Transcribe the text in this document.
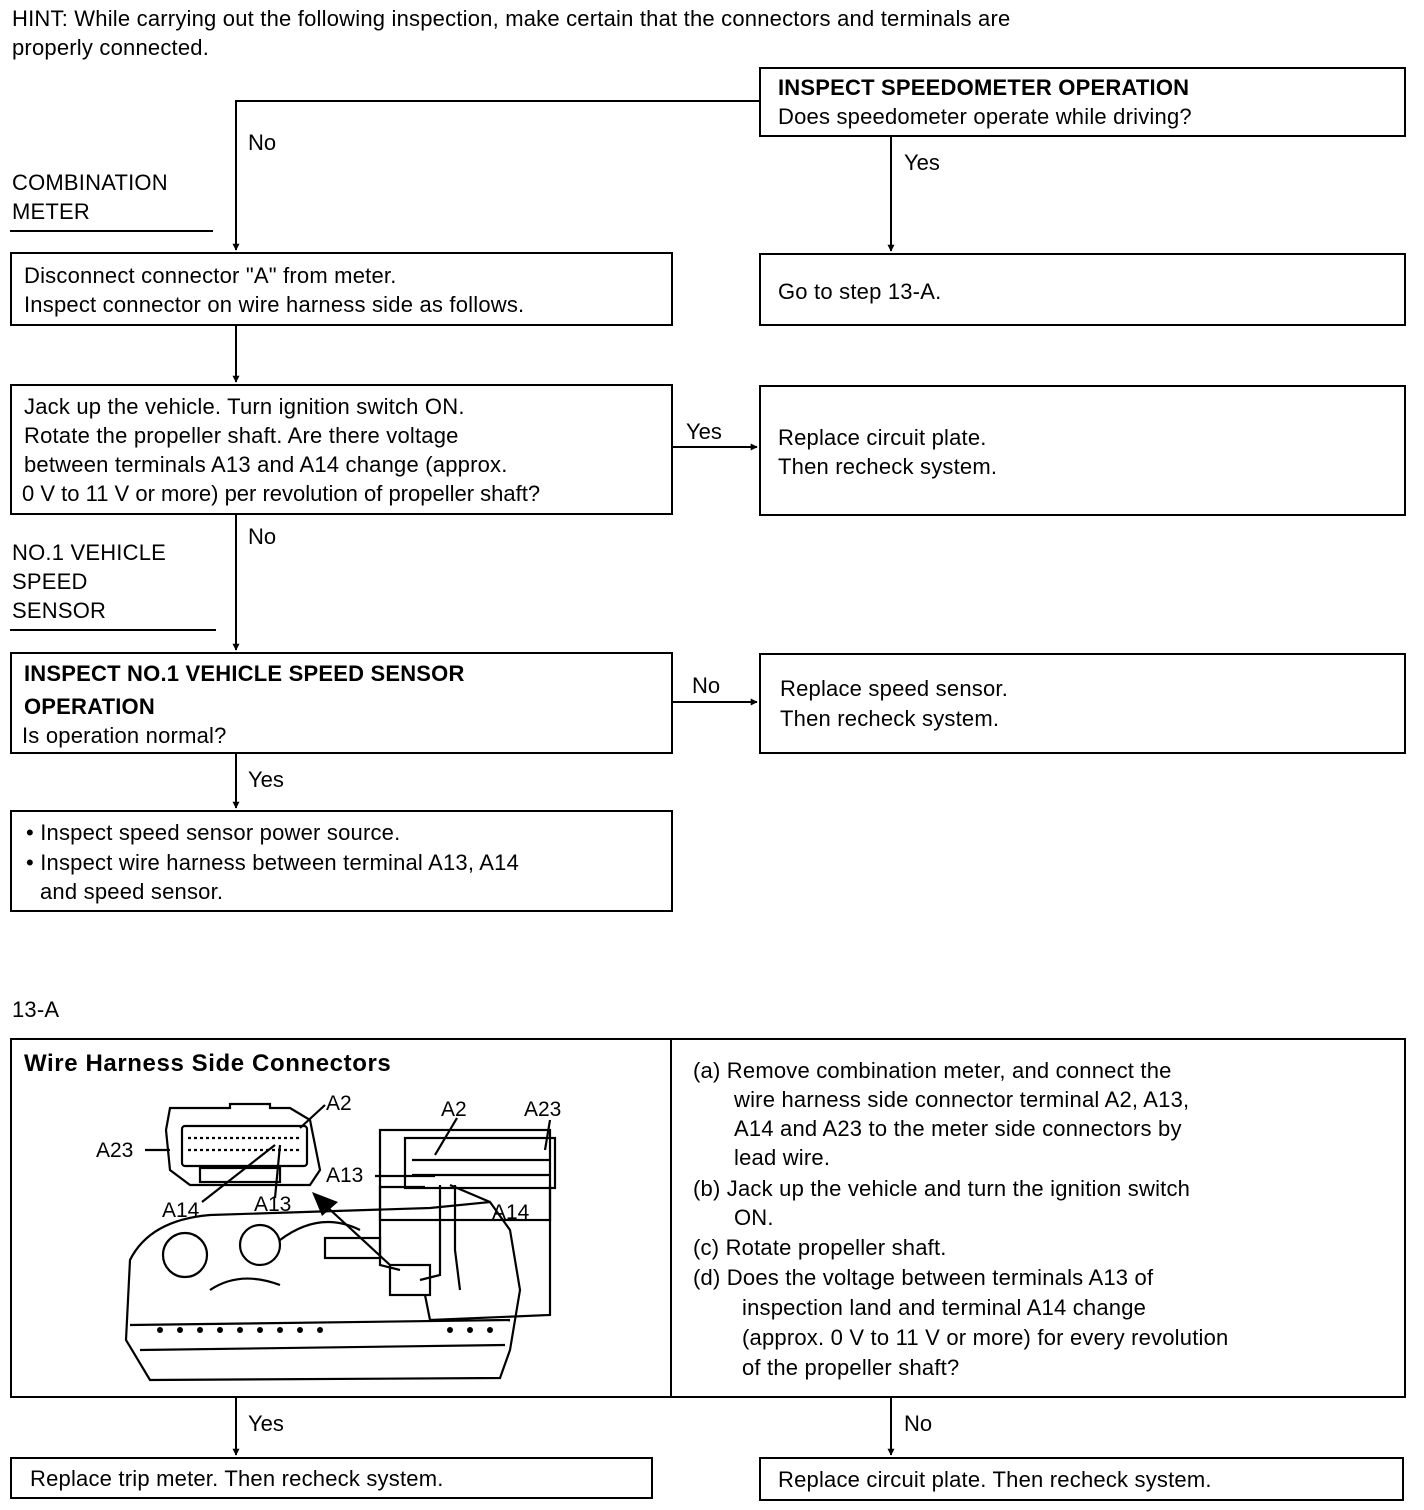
HINT: While carrying out the following inspection, make certain that the connectors and terminals are
properly connected.
No
Yes
Yes
No
No
Yes
Yes	No
COMBINATION
METER
NO.1 VEHICLE
SPEED
SENSOR
INSPECT SPEEDOMETER OPERATION
Does speedometer operate while driving?
Disconnect connector "A" from meter.
Inspect connector on wire harness side as follows.
Go to step 13-A.
Jack up the vehicle. Turn ignition switch ON.
Rotate the propeller shaft. Are there voltage
between terminals A13 and A14 change (approx.
0 V to 11 V or more) per revolution of propeller shaft?
Replace circuit plate.
Then recheck system.
INSPECT NO.1 VEHICLE SPEED SENSOR
OPERATION
Is operation normal?
Replace speed sensor.
Then recheck system.
• Inspect speed sensor power source.
• Inspect wire harness between terminal A13, A14
and speed sensor.
13-A
Wire Harness Side Connectors
A2
A23
A14	A13
A2	A23
A13
A14
(a) Remove combination meter, and connect the
wire harness side connector terminal A2, A13,
A14 and A23 to the meter side connectors by
lead wire.
(b) Jack up the vehicle and turn the ignition switch
ON.
(c) Rotate propeller shaft.
(d) Does the voltage between terminals A13 of
inspection land and terminal A14 change
(approx. 0 V to 11 V or more) for every revolution
of the propeller shaft?
Replace trip meter. Then recheck system.	Replace circuit plate. Then recheck system.
